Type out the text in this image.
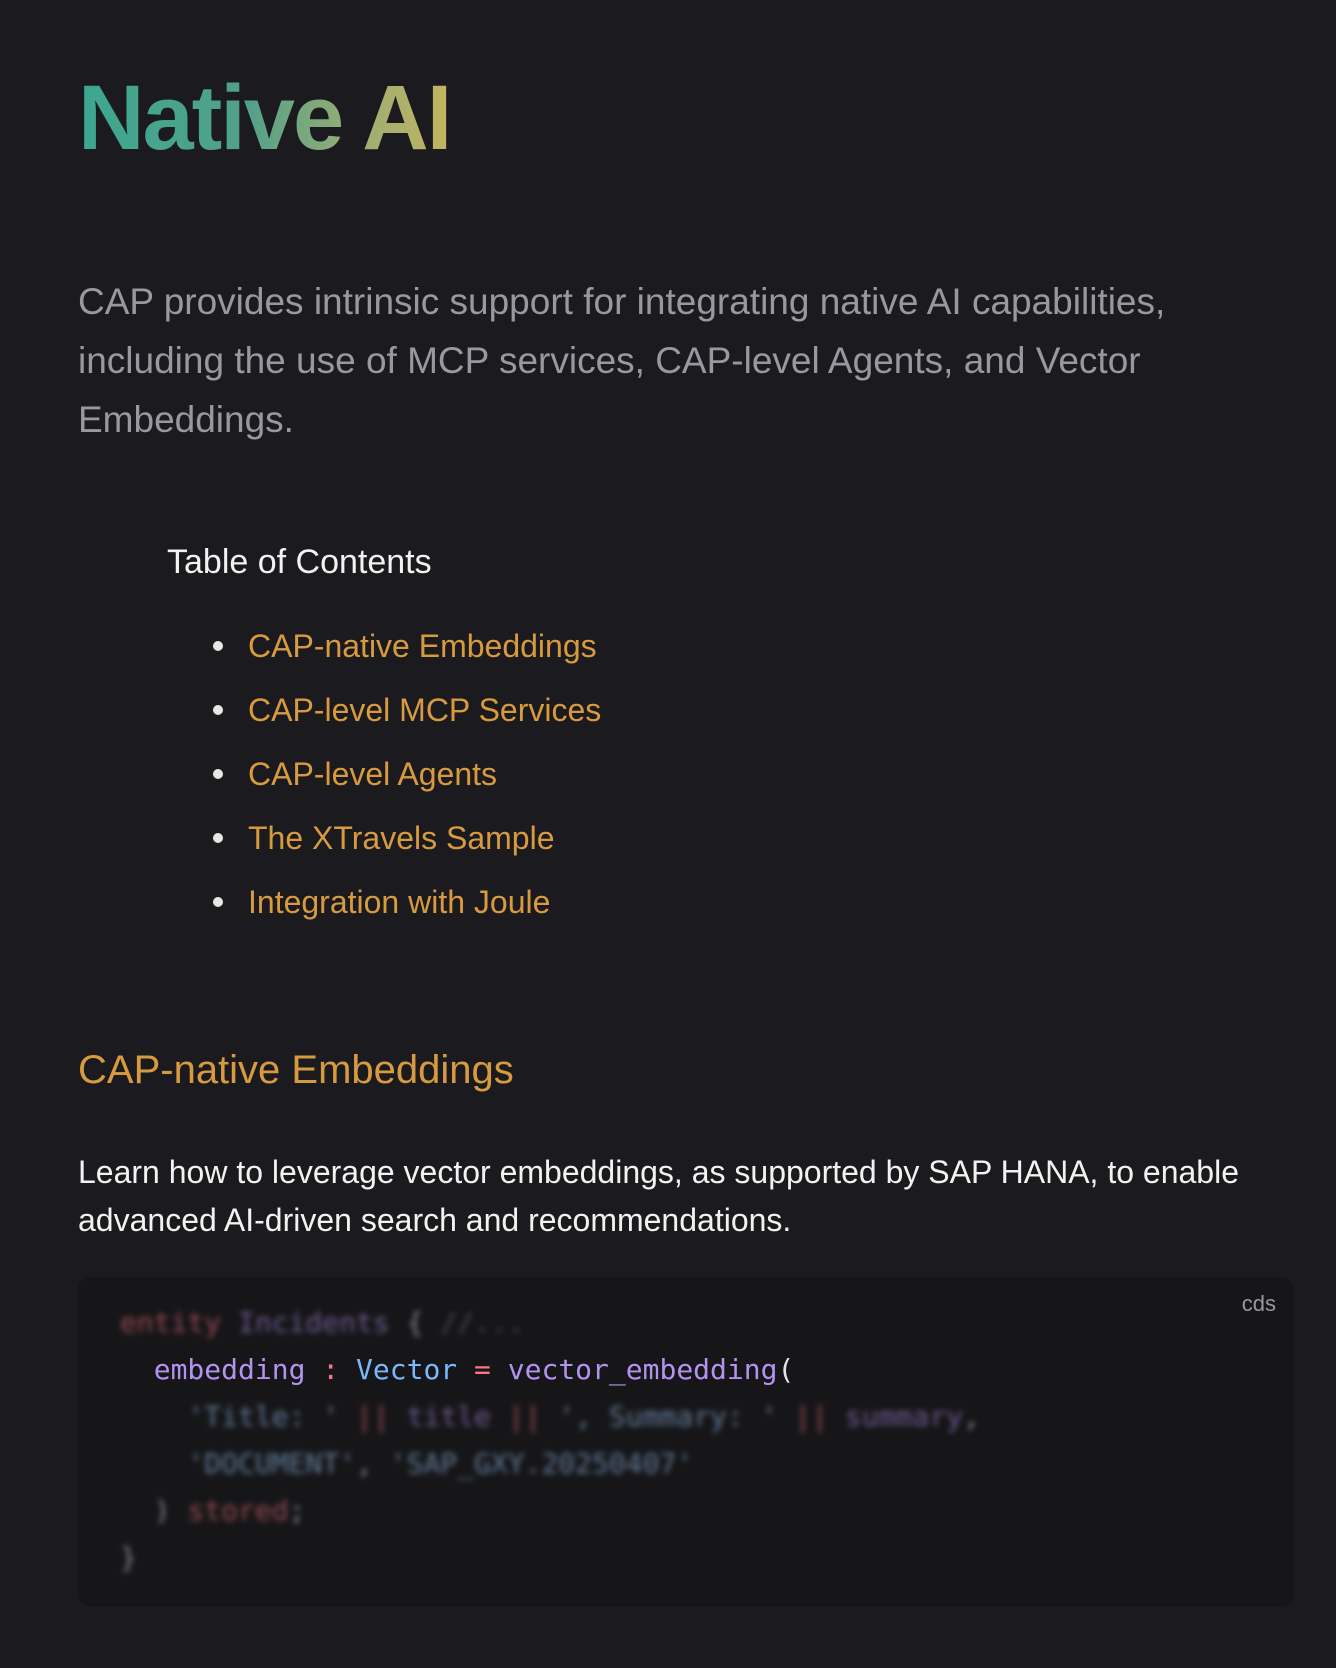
Native AI

CAP provides intrinsic support for integrating native AI capabilities, including the use of MCP services, CAP-level Agents, and Vector Embeddings.

Table of Contents

CAP-native Embeddings
CAP-level MCP Services
CAP-level Agents
The XTravels Sample
Integration with Joule
CAP-native Embeddings

Learn how to leverage vector embeddings, as supported by SAP HANA, to enable advanced AI-driven search and recommendations.

cds
entity Incidents { //...
embedding : Vector = vector_embedding(
'Title: ' || title || ', Summary: ' || summary,
'DOCUMENT', 'SAP_GXY.20250407'
) stored;
}
